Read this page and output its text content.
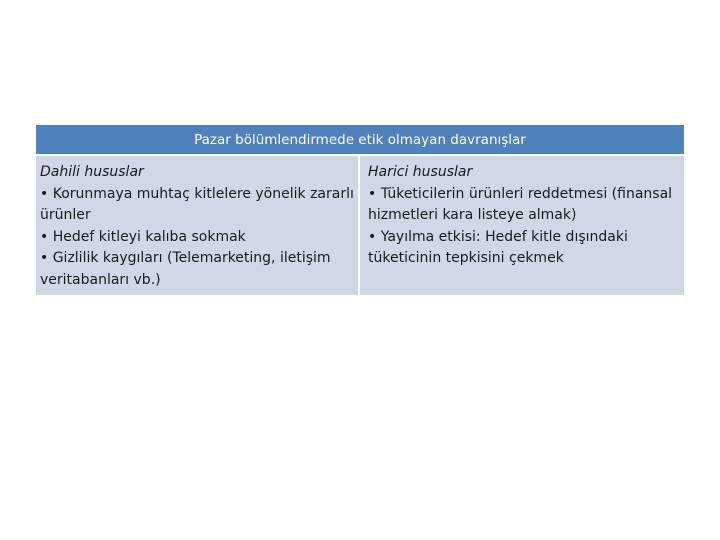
Pazar bölümlendirmede etik olmayan davranışlar

Dahili hususlar
• Korunmaya muhtaç kitlelere yönelik zararlı ürünler
• Hedef kitleyi kalıba sokmak
• Gizlilik kaygıları (Telemarketing, iletişim veritabanları vb.)

Harici hususlar
• Tüketicilerin ürünleri reddetmesi (finansal hizmetleri kara listeye almak)
• Yayılma etkisi: Hedef kitle dışındaki tüketicinin tepkisini çekmek
